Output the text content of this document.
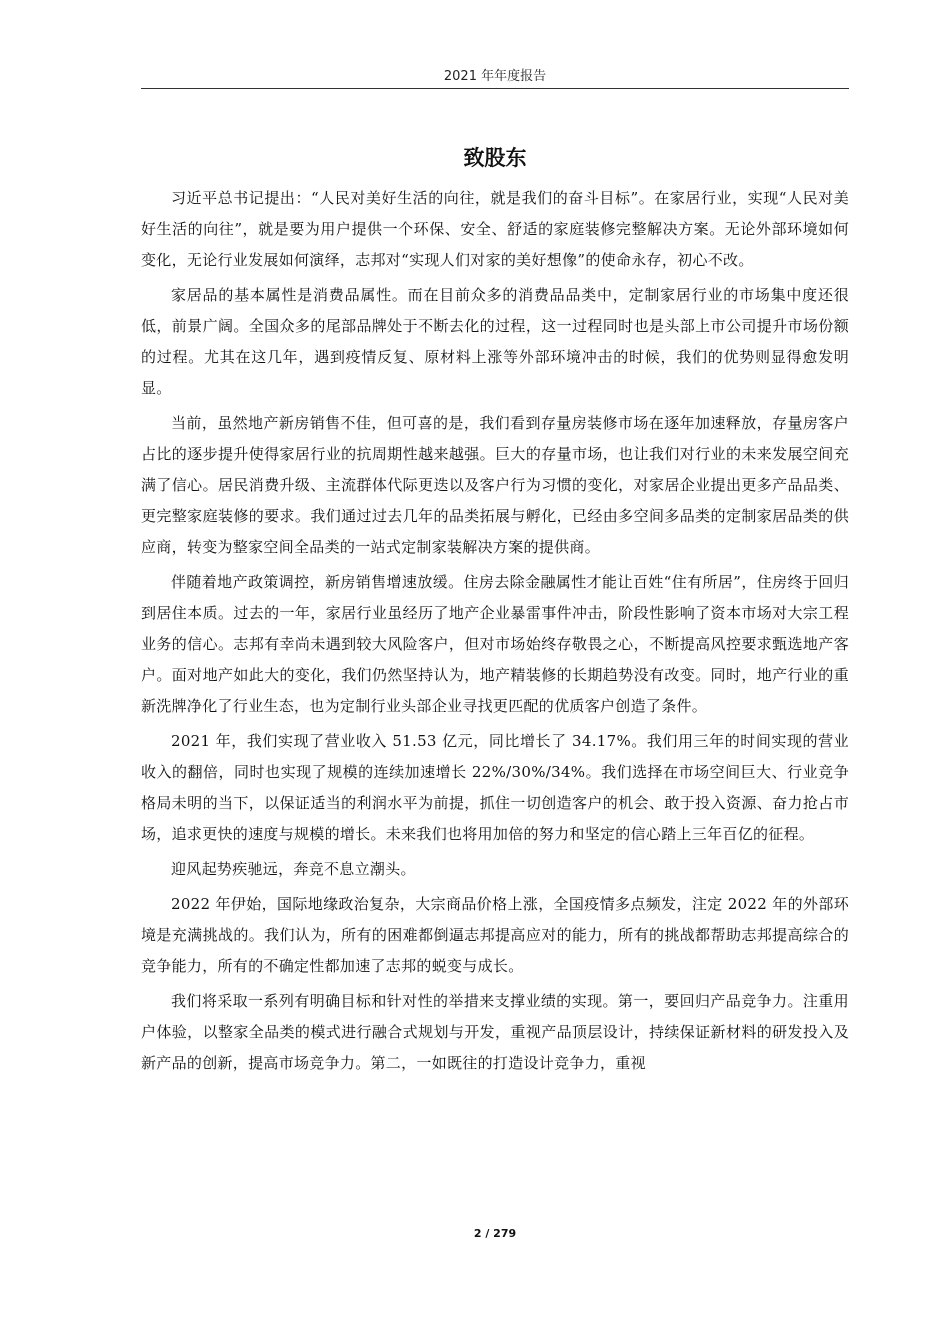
2021 年年度报告
致股东

习近平总书记提出：“人民对美好生活的向往，就是我们的奋斗目标”。在家居行业，实现“人民对美好生活的向往”，就是要为用户提供一个环保、安全、舒适的家庭装修完整解决方案。无论外部环境如何变化，无论行业发展如何演绎，志邦对“实现人们对家的美好想像”的使命永存，初心不改。

家居品的基本属性是消费品属性。而在目前众多的消费品品类中，定制家居行业的市场集中度还很低，前景广阔。全国众多的尾部品牌处于不断去化的过程，这一过程同时也是头部上市公司提升市场份额的过程。尤其在这几年，遇到疫情反复、原材料上涨等外部环境冲击的时候，我们的优势则显得愈发明显。

当前，虽然地产新房销售不佳，但可喜的是，我们看到存量房装修市场在逐年加速释放，存量房客户占比的逐步提升使得家居行业的抗周期性越来越强。巨大的存量市场，也让我们对行业的未来发展空间充满了信心。居民消费升级、主流群体代际更迭以及客户行为习惯的变化，对家居企业提出更多产品品类、更完整家庭装修的要求。我们通过过去几年的品类拓展与孵化，已经由多空间多品类的定制家居品类的供应商，转变为整家空间全品类的一站式定制家装解决方案的提供商。

伴随着地产政策调控，新房销售增速放缓。住房去除金融属性才能让百姓“住有所居”，住房终于回归到居住本质。过去的一年，家居行业虽经历了地产企业暴雷事件冲击，阶段性影响了资本市场对大宗工程业务的信心。志邦有幸尚未遇到较大风险客户，但对市场始终存敬畏之心，不断提高风控要求甄选地产客户。面对地产如此大的变化，我们仍然坚持认为，地产精装修的长期趋势没有改变。同时，地产行业的重新洗牌净化了行业生态，也为定制行业头部企业寻找更匹配的优质客户创造了条件。

2021 年，我们实现了营业收入 51.53 亿元，同比增长了 34.17%。我们用三年的时间实现的营业收入的翻倍，同时也实现了规模的连续加速增长 22%/30%/34%。我们选择在市场空间巨大、行业竞争格局未明的当下，以保证适当的利润水平为前提，抓住一切创造客户的机会、敢于投入资源、奋力抢占市场，追求更快的速度与规模的增长。未来我们也将用加倍的努力和坚定的信心踏上三年百亿的征程。

迎风起势疾驰远，奔竞不息立潮头。

2022 年伊始，国际地缘政治复杂，大宗商品价格上涨，全国疫情多点频发，注定 2022 年的外部环境是充满挑战的。我们认为，所有的困难都倒逼志邦提高应对的能力，所有的挑战都帮助志邦提高综合的竞争能力，所有的不确定性都加速了志邦的蜕变与成长。

我们将采取一系列有明确目标和针对性的举措来支撑业绩的实现。第一，要回归产品竞争力。注重用户体验，以整家全品类的模式进行融合式规划与开发，重视产品顶层设计，持续保证新材料的研发投入及新产品的创新，提高市场竞争力。第二，一如既往的打造设计竞争力，重视

2 / 279
